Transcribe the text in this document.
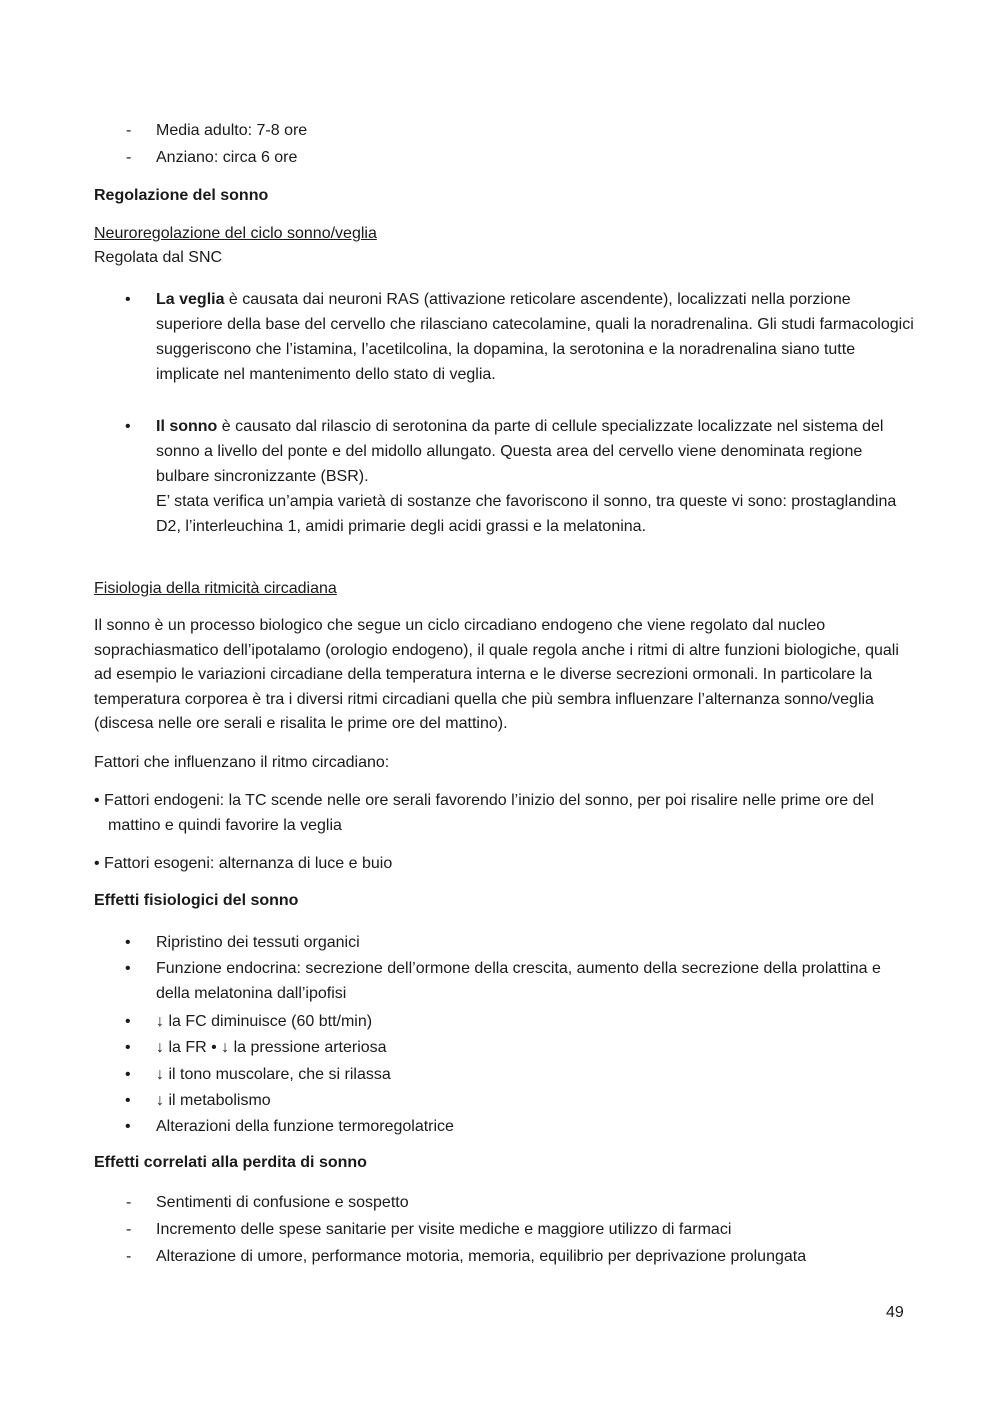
- Media adulto: 7-8 ore
- Anziano: circa 6 ore
Regolazione del sonno
Neuroregolazione del ciclo sonno/veglia
Regolata dal SNC
• La veglia è causata dai neuroni RAS (attivazione reticolare ascendente), localizzati nella porzione superiore della base del cervello che rilasciano catecolamine, quali la noradrenalina. Gli studi farmacologici suggeriscono che l’istamina, l’acetilcolina, la dopamina, la serotonina e la noradrenalina siano tutte implicate nel mantenimento dello stato di veglia.
• Il sonno è causato dal rilascio di serotonina da parte di cellule specializzate localizzate nel sistema del sonno a livello del ponte e del midollo allungato. Questa area del cervello viene denominata regione bulbare sincronizzante (BSR).
E’ stata verifica un’ampia varietà di sostanze che favoriscono il sonno, tra queste vi sono: prostaglandina D2, l’interleuchina 1, amidi primarie degli acidi grassi e la melatonina.
Fisiologia della ritmicità circadiana
Il sonno è un processo biologico che segue un ciclo circadiano endogeno che viene regolato dal nucleo soprachiasmatico dell’ipotalamo (orologio endogeno), il quale regola anche i ritmi di altre funzioni biologiche, quali ad esempio le variazioni circadiane della temperatura interna e le diverse secrezioni ormonali. In particolare la temperatura corporea è tra i diversi ritmi circadiani quella che più sembra influenzare l’alternanza sonno/veglia (discesa nelle ore serali e risalita le prime ore del mattino).
Fattori che influenzano il ritmo circadiano:
• Fattori endogeni: la TC scende nelle ore serali favorendo l’inizio del sonno, per poi risalire nelle prime ore del mattino e quindi favorire la veglia
• Fattori esogeni: alternanza di luce e buio
Effetti fisiologici del sonno
• Ripristino dei tessuti organici
• Funzione endocrina: secrezione dell’ormone della crescita, aumento della secrezione della prolattina e della melatonina dall’ipofisi
• ↓ la FC diminuisce (60 btt/min)
• ↓ la FR • ↓ la pressione arteriosa
• ↓ il tono muscolare, che si rilassa
• ↓ il metabolismo
• Alterazioni della funzione termoregolatrice
Effetti correlati alla perdita di sonno
- Sentimenti di confusione e sospetto
- Incremento delle spese sanitarie per visite mediche e maggiore utilizzo di farmaci
- Alterazione di umore, performance motoria, memoria, equilibrio per deprivazione prolungata
49
